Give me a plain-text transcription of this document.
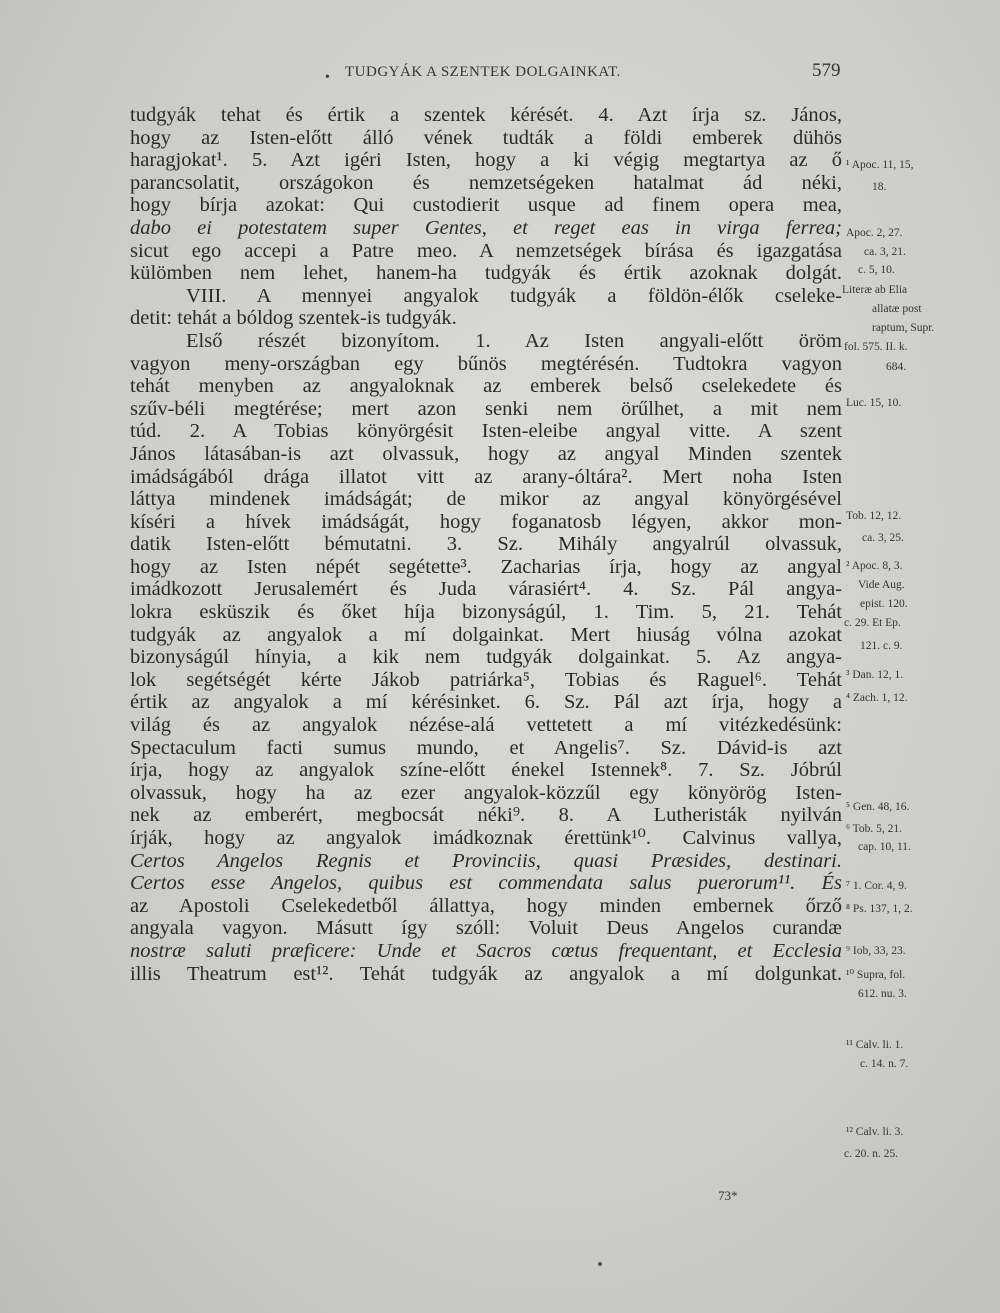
• TUDGYÁK A SZENTEK DOLGAINKAT.	579
tudgyák tehat és értik a szentek kérését. 4. Azt írja sz. János,
hogy az Isten-előtt álló vének tudták a földi emberek dühös
haragjokat¹. 5. Azt igéri Isten, hogy a ki végig megtartya az ő
parancsolatit, országokon és nemzetségeken hatalmat ád néki,
hogy bírja azokat: Qui custodierit usque ad finem opera mea,
dabo ei potestatem super Gentes, et reget eas in virga ferrea;
sicut ego accepi a Patre meo. A nemzetségek bírása és igazgatása
külömben nem lehet, hanem-ha tudgyák és értik azoknak dolgát.
VIII. A mennyei angyalok tudgyák a földön-élők cseleke-
detit: tehát a bóldog szentek-is tudgyák.
Első részét bizonyítom. 1. Az Isten angyali-előtt öröm
vagyon meny-országban egy bűnös megtérésén. Tudtokra vagyon
tehát menyben az angyaloknak az emberek belső cselekedete és
szűv-béli megtérése; mert azon senki nem örűlhet, a mit nem
túd. 2. A Tobias könyörgésit Isten-eleibe angyal vitte. A szent
János látasában-is azt olvassuk, hogy az angyal Minden szentek
imádságából drága illatot vitt az arany-óltára². Mert noha Isten
láttya mindenek imádságát; de mikor az angyal könyörgésével
kíséri a hívek imádságát, hogy foganatosb légyen, akkor mon-
datik Isten-előtt bémutatni. 3. Sz. Mihály angyalrúl olvassuk,
hogy az Isten népét segétette³. Zacharias írja, hogy az angyal
imádkozott Jerusalemért és Juda várasiért⁴. 4. Sz. Pál angya-
lokra esküszik és őket híja bizonyságúl, 1. Tim. 5, 21. Tehát
tudgyák az angyalok a mí dolgainkat. Mert hiuság vólna azokat
bizonyságúl hínyia, a kik nem tudgyák dolgainkat. 5. Az angya-
lok segétségét kérte Jákob patriárka⁵, Tobias és Raguel⁶. Tehát
értik az angyalok a mí kérésinket. 6. Sz. Pál azt írja, hogy a
világ és az angyalok nézése-alá vettetett a mí vitézkedésünk:
Spectaculum facti sumus mundo, et Angelis⁷. Sz. Dávid-is azt
írja, hogy az angyalok színe-előtt énekel Istennek⁸. 7. Sz. Jóbrúl
olvassuk, hogy ha az ezer angyalok-közzűl egy könyörög Isten-
nek az emberért, megbocsát néki⁹. 8. A Lutheristák nyilván
írják, hogy az angyalok imádkoznak érettünk¹⁰. Calvinus vallya,
Certos Angelos Regnis et Provinciis, quasi Præsides, destinari.
Certos esse Angelos, quibus est commendata salus puerorum¹¹. És
az Apostoli Cselekedetből állattya, hogy minden embernek őrző
angyala vagyon. Másutt így szóll: Voluit Deus Angelos curandæ
nostræ saluti præficere: Unde et Sacros cœtus frequentant, et Ecclesia
illis Theatrum est¹². Tehát tudgyák az angyalok a mí dolgunkat.
¹ Apoc. 11, 15,
18.
Apoc. 2, 27.
ca. 3, 21.
c. 5, 10.
Literæ ab Elia
allatæ post
raptum, Supr.
fol. 575. II. k.
684.
Luc. 15, 10.
Tob. 12, 12.
ca. 3, 25.
² Apoc. 8, 3.
Vide Aug.
epist. 120.
c. 29. Et Ep.
121. c. 9.
³ Dan. 12, 1.
⁴ Zach. 1, 12.
⁵ Gen. 48, 16.
⁶ Tob. 5, 21.
cap. 10, 11.
⁷ 1. Cor. 4, 9.
⁸ Ps. 137, 1, 2.
⁹ Iob, 33, 23.
¹⁰ Supra, fol.
612. nu. 3.
¹¹ Calv. li. 1.
c. 14. n. 7.
¹² Calv. li. 3.
c. 20. n. 25.
73*
